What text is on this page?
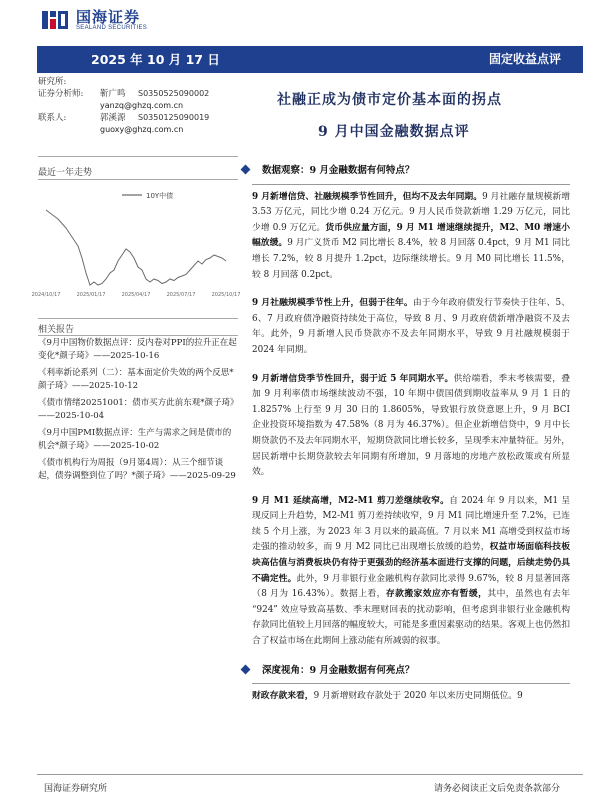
国海证券
SEALAND SECURITIES
2025 年 10 月 17 日	固定收益点评
研究所:
证券分析师:	靳广鸣	S0350525090002
yanzq@ghzq.com.cn
联系人:	郭溪源	S0350125090019
guoxy@ghzq.com.cn
最近一年走势
10Y中债
2024/10/17	2025/01/17	2025/04/17	2025/07/17	2025/10/17
相关报告
《9月中国物价数据点评：反内卷对PPI的拉升正在起变化*颜子琦》——2025-10-16
《利率新论系列（二）：基本面定价失效的两个反思*颜子琦》——2025-10-12
《债市情绪20251001：债市买方此前东观*颜子琦》——2025-10-04
《9月中国PMI数据点评：生产与需求之间是债市的机会*颜子琦》——2025-10-02
《债市机构行为周报（9月第4周）：从三个细节谈起，债券调整到位了吗？*颜子琦》——2025-09-29
社融正成为债市定价基本面的拐点
9 月中国金融数据点评
数据观察：9 月金融数据有何特点？

9 月新增信贷、社融规模季节性回升，但均不及去年同期。9 月社融存量规模新增 3.53 万亿元，同比少增 0.24 万亿元。9 月人民币贷款新增 1.29 万亿元，同比少增 0.9 万亿元。货币供应量方面，9 月 M1 增速继续提升，M2、M0 增速小幅放缓。9 月广义货币 M2 同比增长 8.4%，较 8 月回落 0.4pct，9 月 M1 同比增长 7.2%，较 8 月提升 1.2pct，边际继续增长。9 月 M0 同比增长 11.5%，较 8 月回落 0.2pct。

9 月社融规模季节性上升，但弱于往年。由于今年政府债发行节奏快于往年、5、6、7 月政府债净融资持续处于高位，导致 8 月、9 月政府债新增净融资不及去年。此外，9 月新增人民币贷款亦不及去年同期水平，导致 9 月社融规模弱于 2024 年同期。

9 月新增信贷季节性回升，弱于近 5 年同期水平。供给端看，季末考核需要，叠加 9 月利率债市场继续波动不强，10 年期中债国债到期收益率从 9 月 1 日的 1.8257% 上行至 9 月 30 日的 1.8605%，导致银行放贷意愿上升，9 月 BCI 企业投资环境指数为 47.58%（8 月为 46.37%）。但企业新增信贷中，9 月中长期贷款仍不及去年同期水平，短期贷款同比增长较多，呈现季末冲量特征。另外，居民新增中长期贷款较去年同期有所增加，9 月落地的房地产放松政策或有所显效。

9 月 M1 延续高增，M2-M1 剪刀差继续收窄。自 2024 年 9 月以来，M1 呈现反同上升趋势，M2-M1 剪刀差持续收窄，9 月 M1 同比增速升至 7.2%，已连续 5 个月上涨，为 2023 年 3 月以来的最高值。7 月以来 M1 高增受到权益市场走强的推动较多，而 9 月 M2 同比已出现增长放缓的趋势，权益市场面临科技板块高估值与消费板块仍有待于更强劲的经济基本面进行支撑的问题，后续走势仍具不确定性。此外，9 月非银行业金融机构存款同比录得 9.67%，较 8 月显著回落（8 月为 16.43%）。数据上看，存款搬家效应亦有暂缓，其中，虽然也有去年 “924” 效应导致高基数、季末理财回表的扰动影响，但考虑到非银行业金融机构存款同比值较上月回落的幅度较大，可能是多重因素驱动的结果。客观上也仍然扣合了权益市场在此期间上涨动能有所减弱的叙事。

深度视角：9 月金融数据有何亮点？

财政存款来看，9 月新增财政存款处于 2020 年以来历史同期低位。9

国海证券研究所	请务必阅读正文后免责条款部分
